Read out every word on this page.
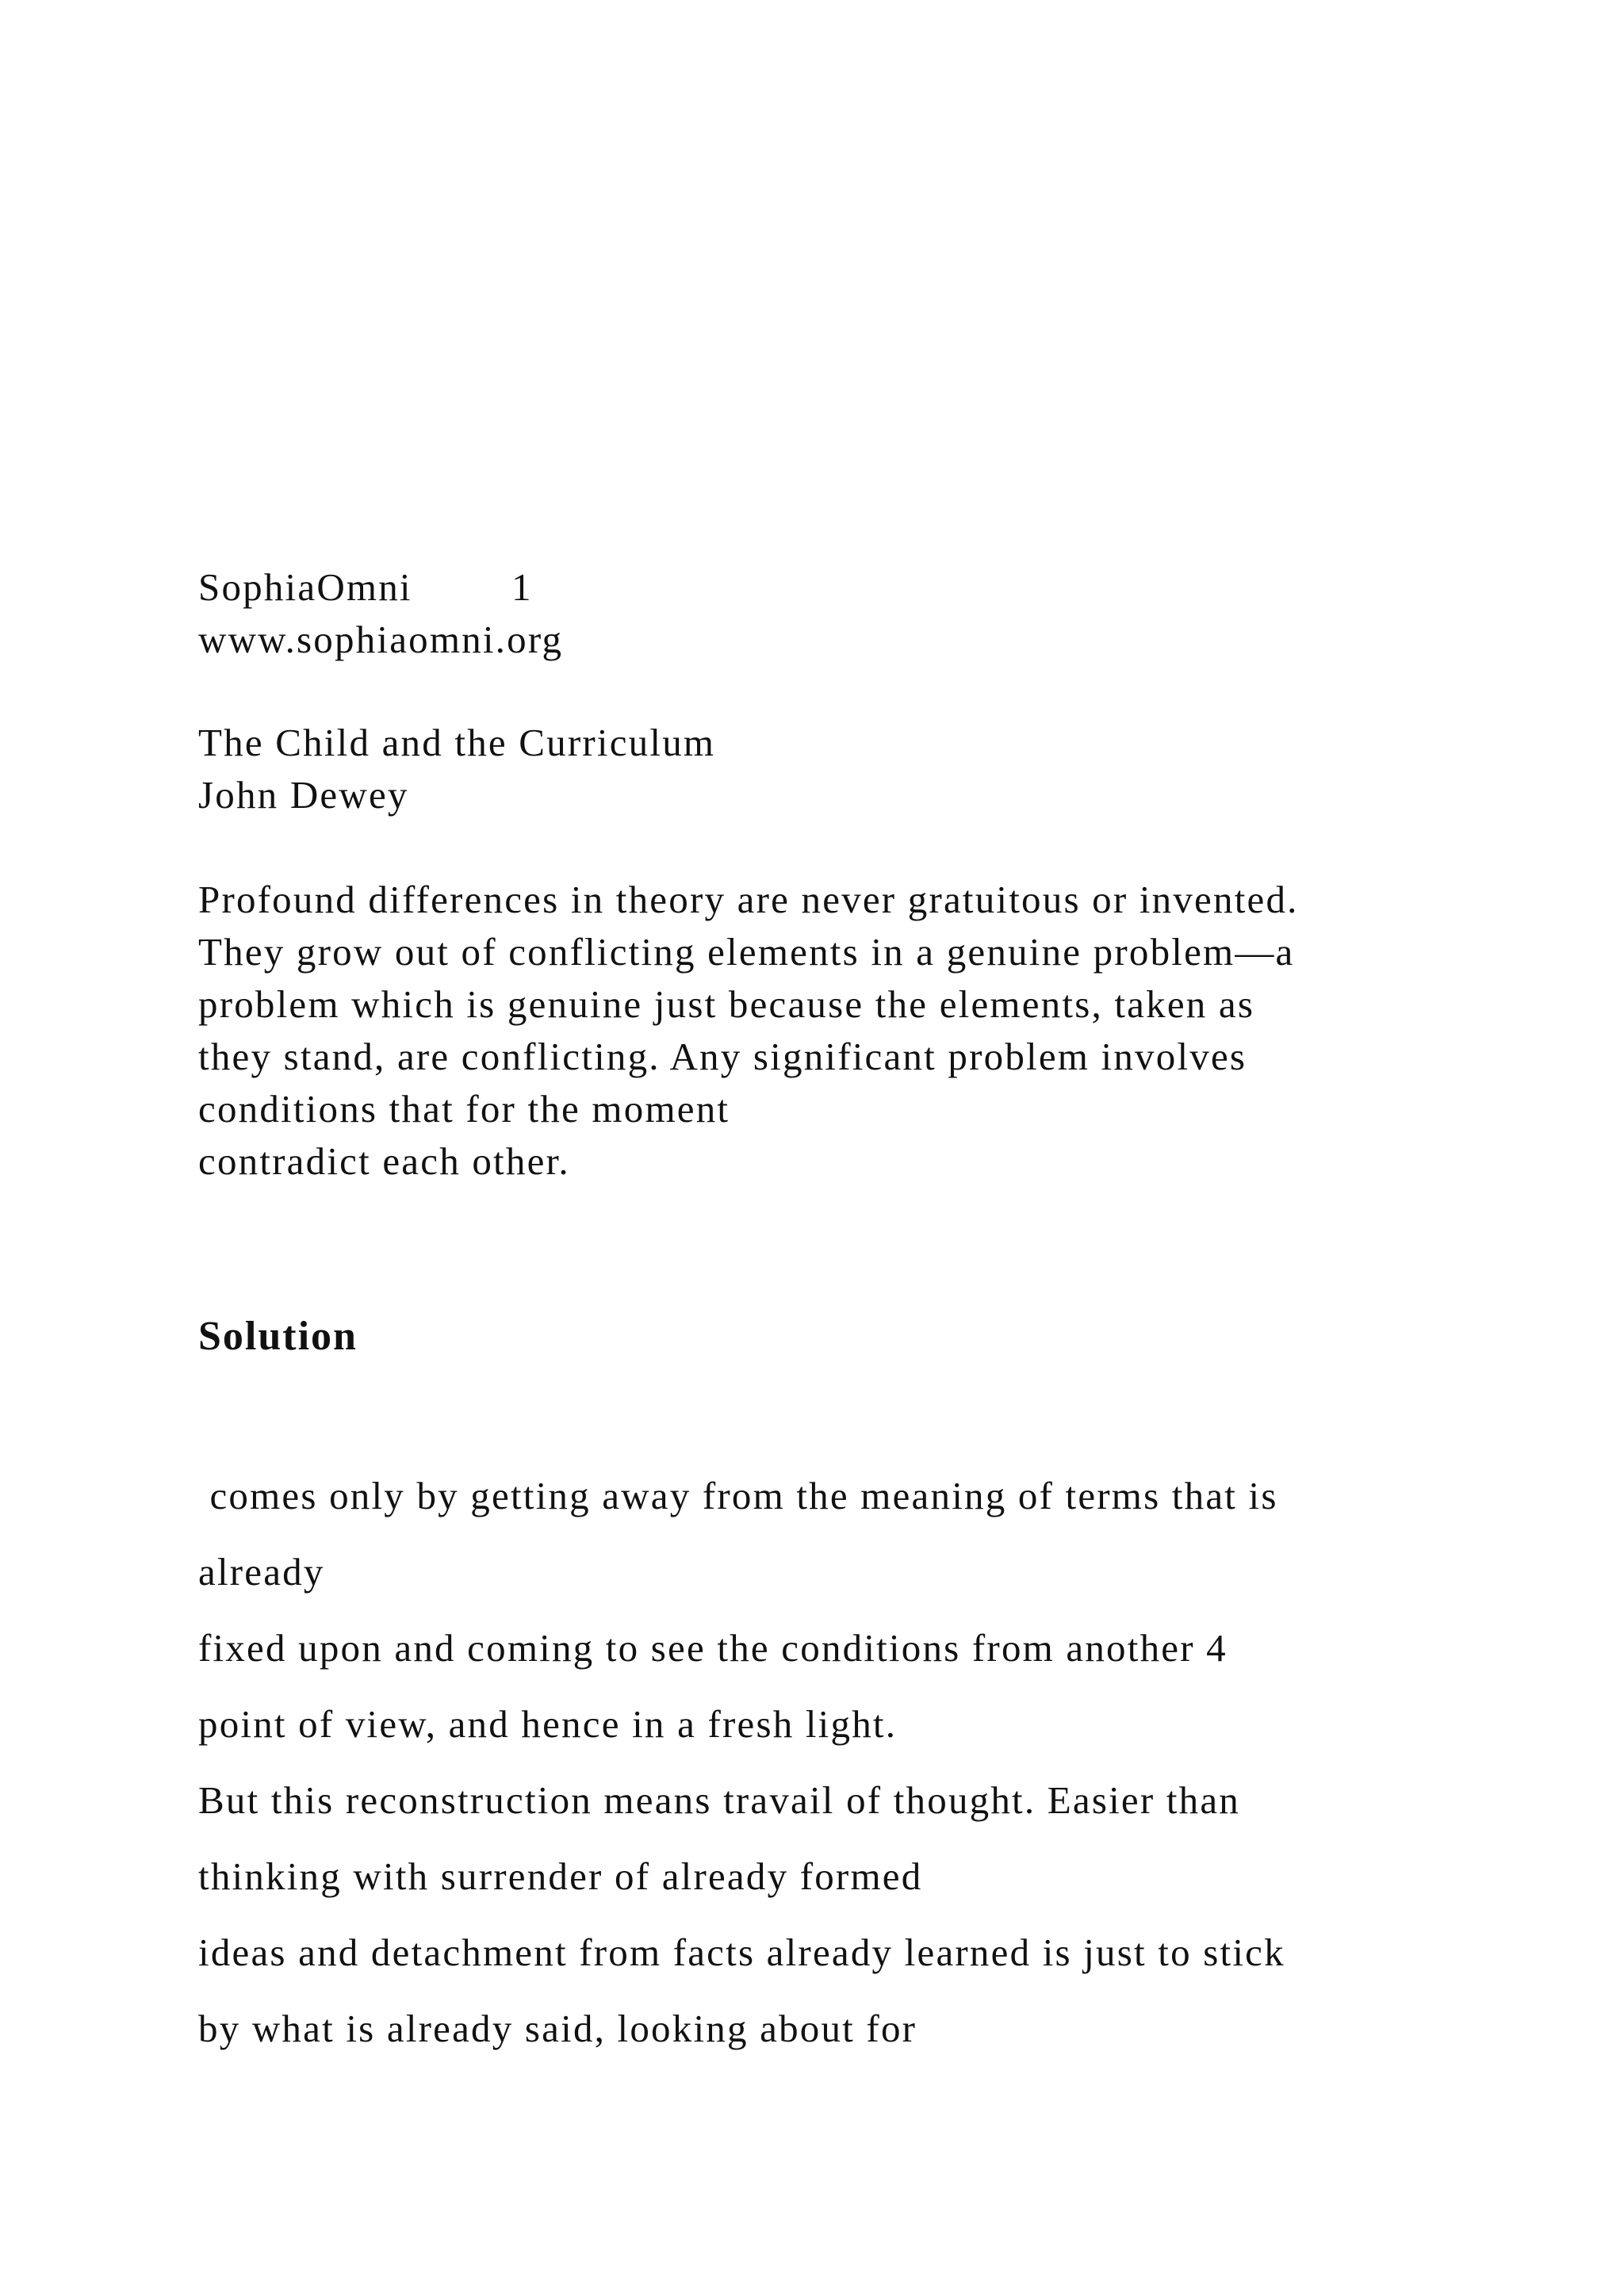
SophiaOmni	1
www.sophiaomni.org
The Child and the Curriculum
John Dewey
Profound differences in theory are never gratuitous or invented.
They grow out of conflicting elements in a genuine problem—a
problem which is genuine just because the elements, taken as
they stand, are conflicting. Any significant problem involves
conditions that for the moment
contradict each other.
Solution
comes only by getting away from the meaning of terms that is
already
fixed upon and coming to see the conditions from another 4
point of view, and hence in a fresh light.
But this reconstruction means travail of thought. Easier than
thinking with surrender of already formed
ideas and detachment from facts already learned is just to stick
by what is already said, looking about for
